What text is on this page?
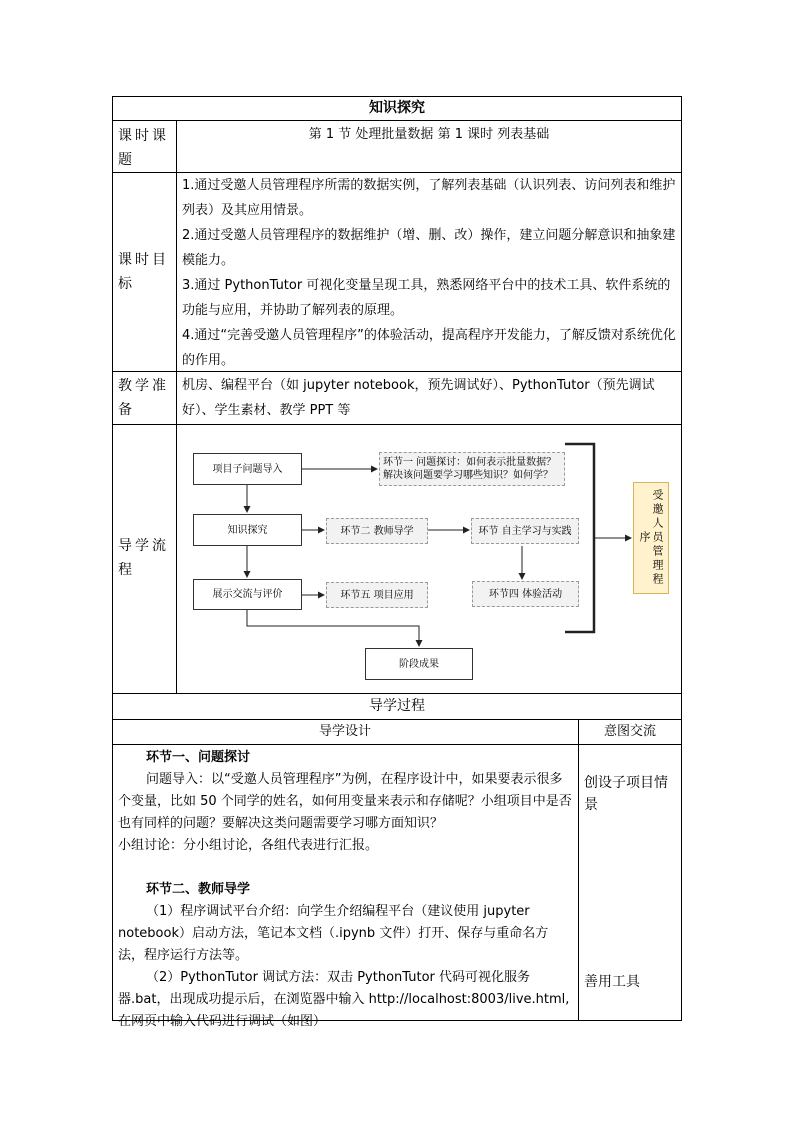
知识探究
课时课题
第 1 节 处理批量数据 第 1 课时 列表基础
课时目标
1.通过受邀人员管理程序所需的数据实例，了解列表基础（认识列表、访问列表和维护列表）及其应用情景。
2.通过受邀人员管理程序的数据维护（增、删、改）操作，建立问题分解意识和抽象建模能力。
3.通过 PythonTutor 可视化变量呈现工具，熟悉网络平台中的技术工具、软件系统的功能与应用，并协助了解列表的原理。
4.通过“完善受邀人员管理程序”的体验活动，提高程序开发能力，了解反馈对系统优化的作用。
教学准备
机房、编程平台（如 jupyter notebook，预先调试好）、PythonTutor（预先调试好）、学生素材、教学 PPT 等
导学流程
项目子问题导入
知识探究
展示交流与评价
阶段成果
环节一 问题探讨：如何表示批量数据？解决该问题要学习哪些知识？如何学？
环节二 教师导学	环节 自主学习与实践
环节四 体验活动
环节五 项目应用
受邀人员管理程序
导学过程
导学设计	意图交流

环节一、问题探讨

问题导入：以“受邀人员管理程序”为例，在程序设计中，如果要表示很多个变量，比如 50 个同学的姓名，如何用变量来表示和存储呢？小组项目中是否也有同样的问题？要解决这类问题需要学习哪方面知识？

小组讨论：分小组讨论，各组代表进行汇报。

环节二、教师导学

（1）程序调试平台介绍：向学生介绍编程平台（建议使用 jupyter notebook）启动方法，笔记本文档（.ipynb 文件）打开、保存与重命名方法，程序运行方法等。

（2）PythonTutor 调试方法：双击 PythonTutor 代码可视化服务器.bat，出现成功提示后，在浏览器中输入 http://localhost:8003/live.html,在网页中输入代码进行调试（如图）

创设子项目情景
善用工具
